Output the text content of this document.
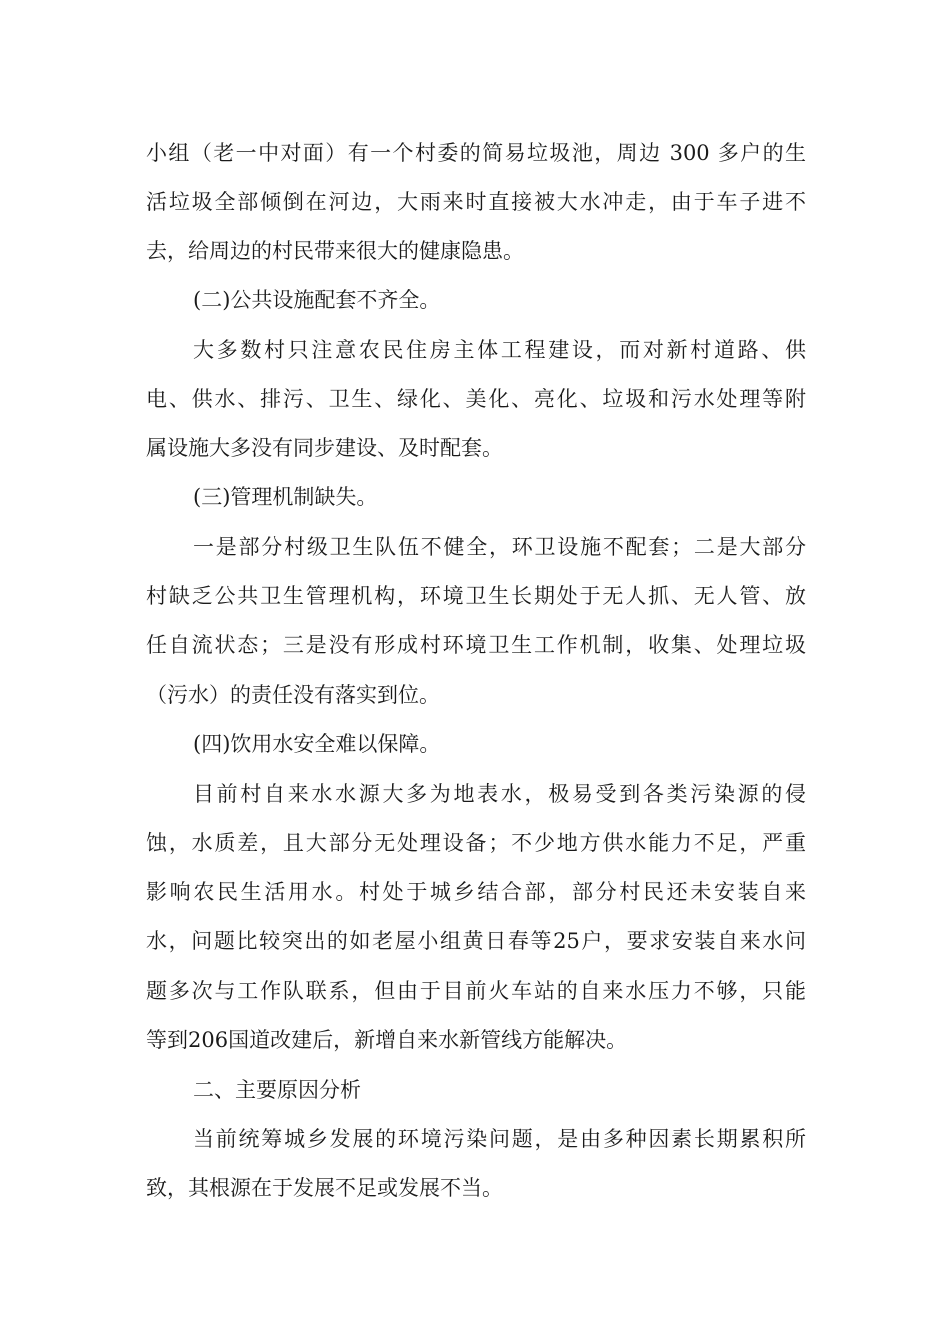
小组（老一中对面）有一个村委的简易垃圾池，周边 300 多户的生
活垃圾全部倾倒在河边，大雨来时直接被大水冲走，由于车子进不
去，给周边的村民带来很大的健康隐患。
(二)公共设施配套不齐全。
大多数村只注意农民住房主体工程建设，而对新村道路、供
电、供水、排污、卫生、绿化、美化、亮化、垃圾和污水处理等附
属设施大多没有同步建设、及时配套。
(三)管理机制缺失。
一是部分村级卫生队伍不健全，环卫设施不配套；二是大部分
村缺乏公共卫生管理机构，环境卫生长期处于无人抓、无人管、放
任自流状态；三是没有形成村环境卫生工作机制，收集、处理垃圾
（污水）的责任没有落实到位。
(四)饮用水安全难以保障。
目前村自来水水源大多为地表水，极易受到各类污染源的侵
蚀，水质差，且大部分无处理设备；不少地方供水能力不足，严重
影响农民生活用水。村处于城乡结合部，部分村民还未安装自来
水，问题比较突出的如老屋小组黄日春等25户，要求安装自来水问
题多次与工作队联系，但由于目前火车站的自来水压力不够，只能
等到206国道改建后，新增自来水新管线方能解决。
二、主要原因分析
当前统筹城乡发展的环境污染问题，是由多种因素长期累积所
致，其根源在于发展不足或发展不当。
